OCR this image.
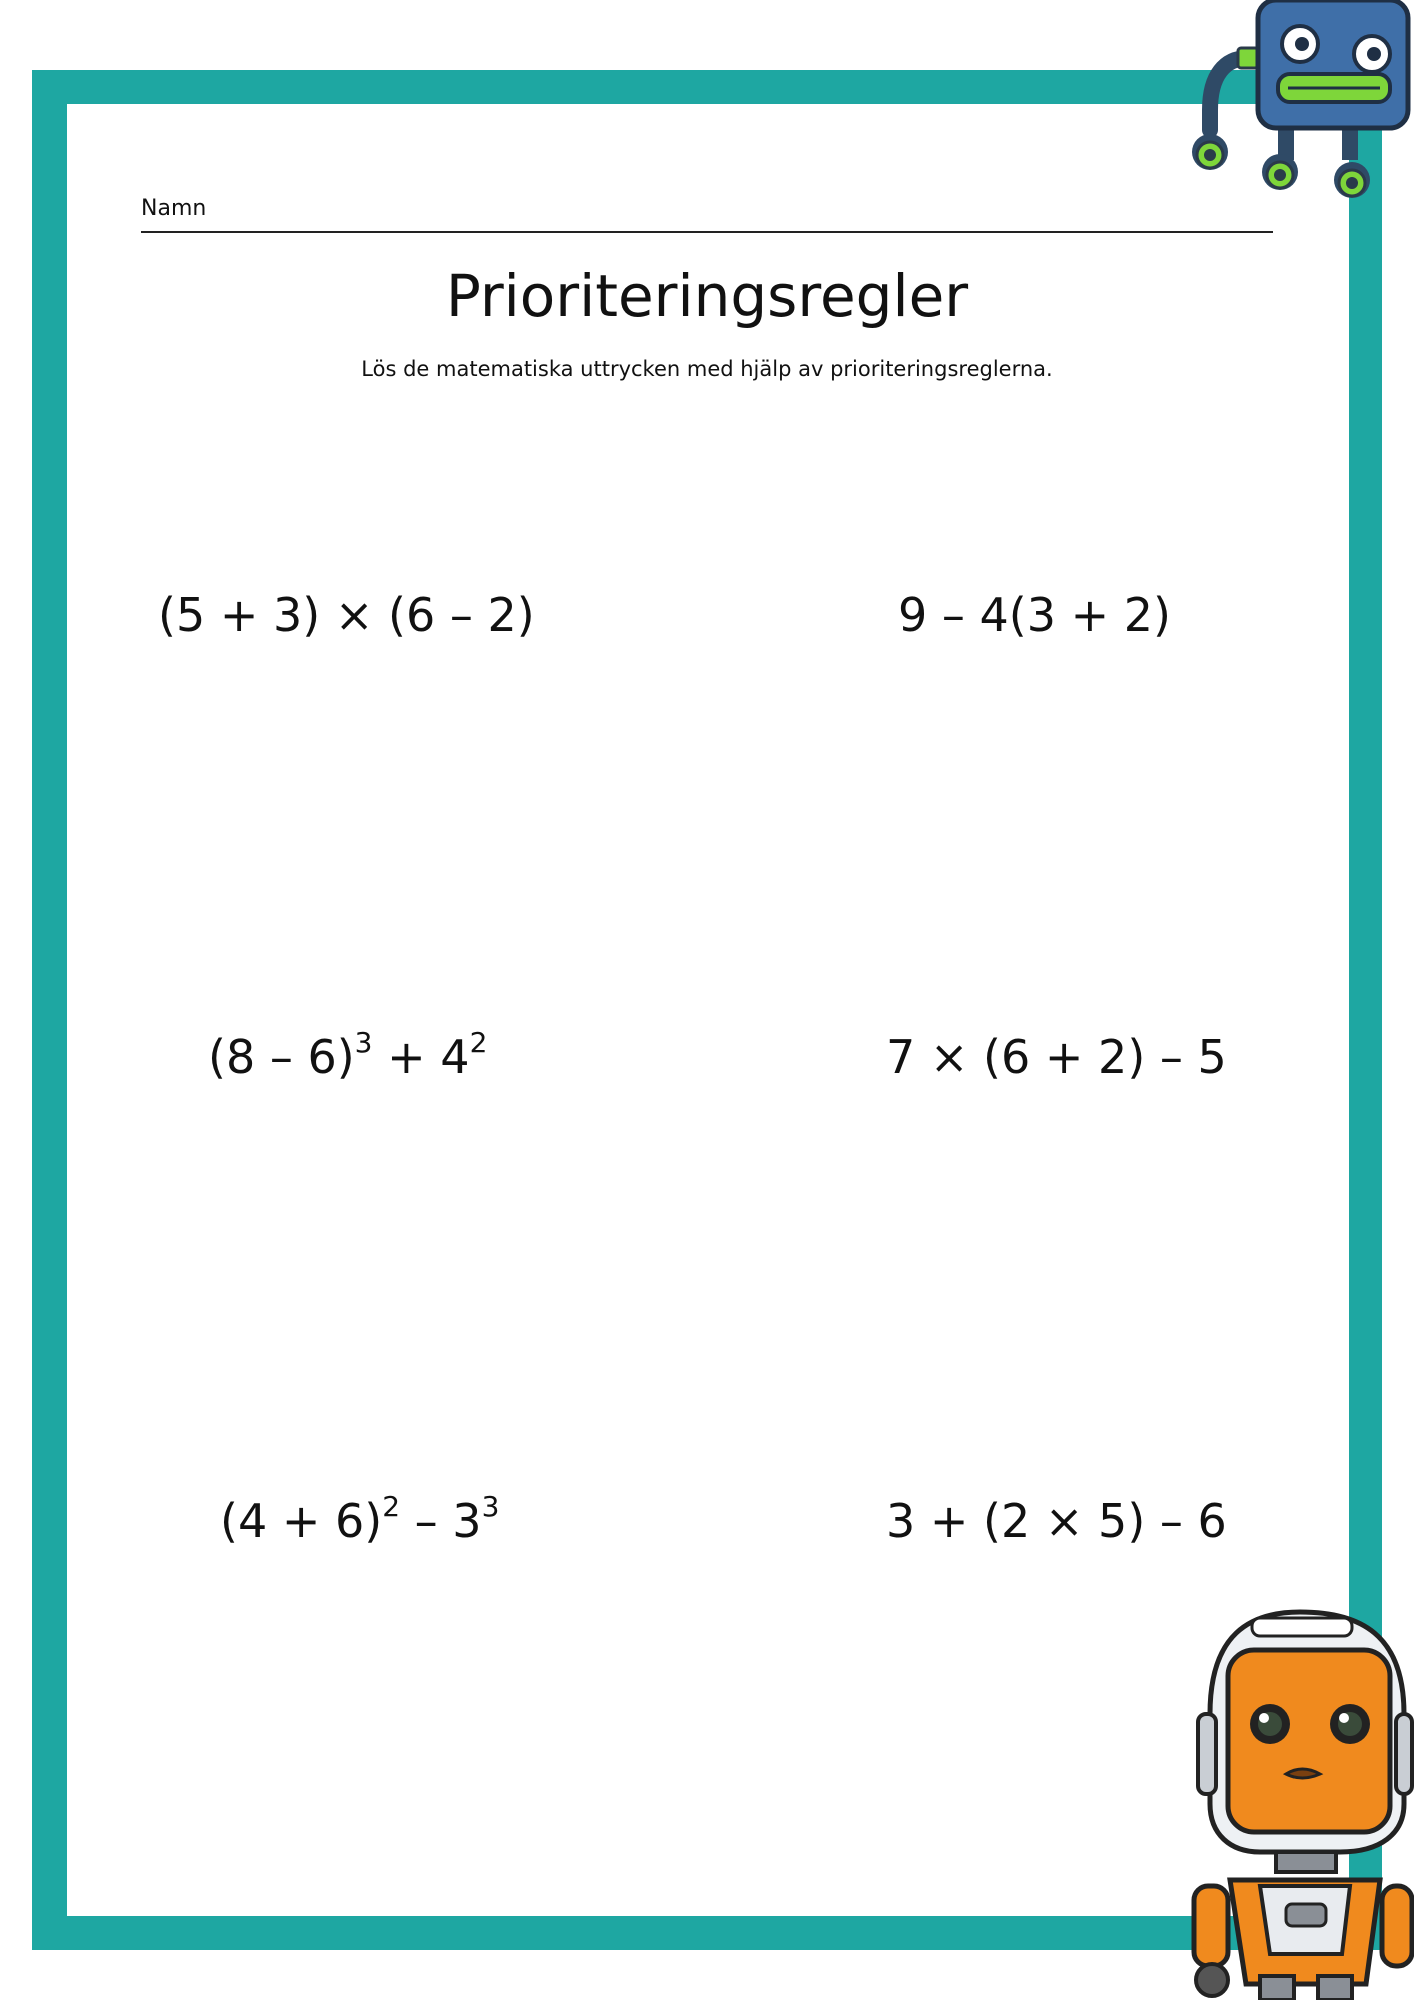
Namn
Prioriteringsregler
Lös de matematiska uttrycken med hjälp av prioriteringsreglerna.
(5 + 3) × (6 – 2)	9 – 4(3 + 2)
$(8 - 6)^3 + 4^2$	7 × (6 + 2) – 5
$(4 + 6)^2 - 3^3$	3 + (2 × 5) – 6
